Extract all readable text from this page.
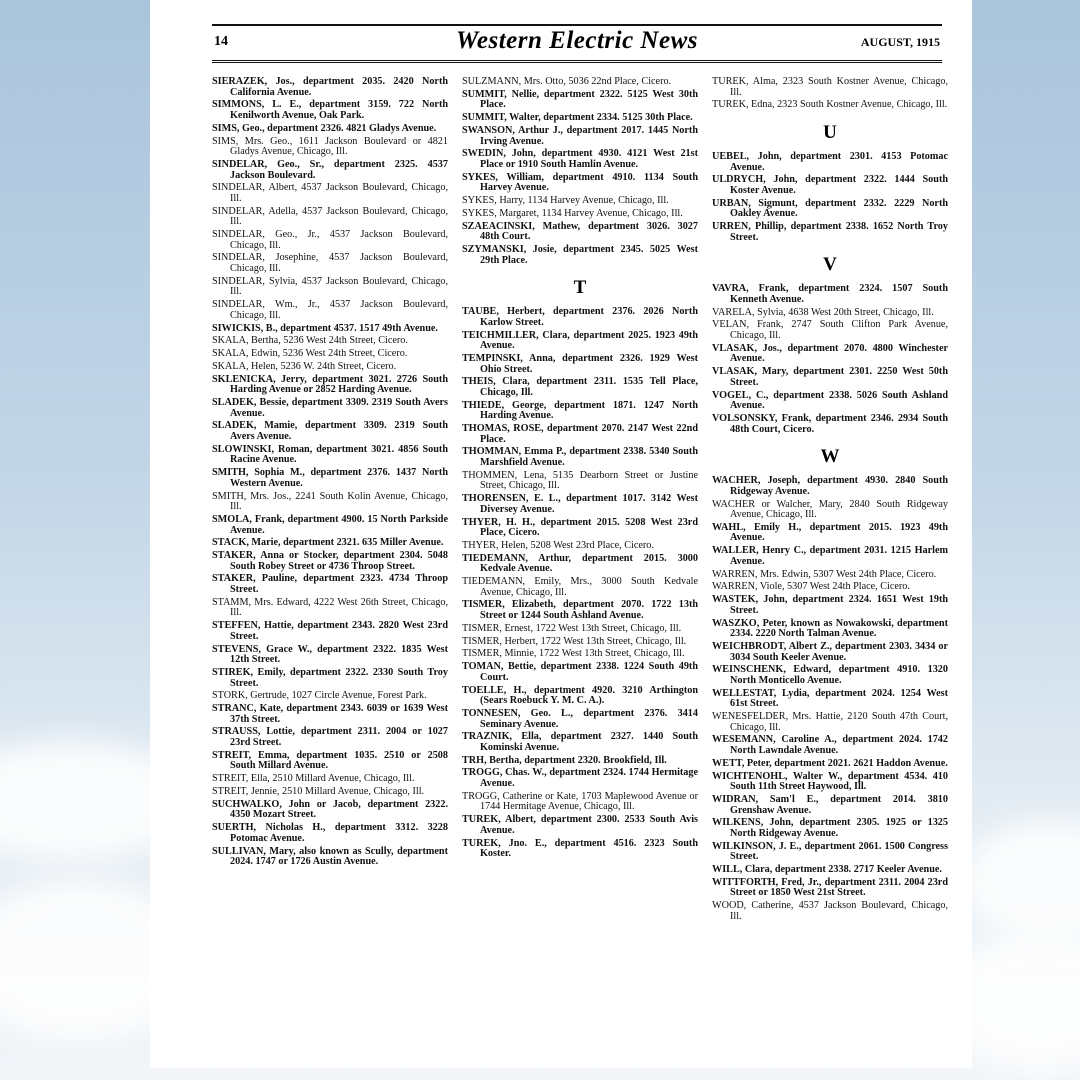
14	Western Electric News	AUGUST, 1915
SIERAZEK, Jos., department 2035. 2420 North California Avenue.
SIMMONS, L. E., department 3159. 722 North Kenilworth Avenue, Oak Park.
SIMS, Geo., department 2326. 4821 Gladys Avenue.
SIMS, Mrs. Geo., 1611 Jackson Boulevard or 4821 Gladys Avenue, Chicago, Ill.
SINDELAR, Geo., Sr., department 2325. 4537 Jackson Boulevard.
SINDELAR, Albert, 4537 Jackson Boulevard, Chicago, Ill.
SINDELAR, Adella, 4537 Jackson Boulevard, Chicago, Ill.
SINDELAR, Geo., Jr., 4537 Jackson Boulevard, Chicago, Ill.
SINDELAR, Josephine, 4537 Jackson Boulevard, Chicago, Ill.
SINDELAR, Sylvia, 4537 Jackson Boulevard, Chicago, Ill.
SINDELAR, Wm., Jr., 4537 Jackson Boulevard, Chicago, Ill.
SIWICKIS, B., department 4537. 1517 49th Avenue.
SKALA, Bertha, 5236 West 24th Street, Cicero.
SKALA, Edwin, 5236 West 24th Street, Cicero.
SKALA, Helen, 5236 W. 24th Street, Cicero.
SKLENICKA, Jerry, department 3021. 2726 South Harding Avenue or 2852 Harding Avenue.
SLADEK, Bessie, department 3309. 2319 South Avers Avenue.
SLADEK, Mamie, department 3309. 2319 South Avers Avenue.
SLOWINSKI, Roman, department 3021. 4856 South Racine Avenue.
SMITH, Sophia M., department 2376. 1437 North Western Avenue.
SMITH, Mrs. Jos., 2241 South Kolin Avenue, Chicago, Ill.
SMOLA, Frank, department 4900. 15 North Parkside Avenue.
STACK, Marie, department 2321. 635 Miller Avenue.
STAKER, Anna or Stocker, department 2304. 5048 South Robey Street or 4736 Throop Street.
STAKER, Pauline, department 2323. 4734 Throop Street.
STAMM, Mrs. Edward, 4222 West 26th Street, Chicago, Ill.
STEFFEN, Hattie, department 2343. 2820 West 23rd Street.
STEVENS, Grace W., department 2322. 1835 West 12th Street.
STIREK, Emily, department 2322. 2330 South Troy Street.
STORK, Gertrude, 1027 Circle Avenue, Forest Park.
STRANC, Kate, department 2343. 6039 or 1639 West 37th Street.
STRAUSS, Lottie, department 2311. 2004 or 1027 23rd Street.
STREIT, Emma, department 1035. 2510 or 2508 South Millard Avenue.
STREIT, Ella, 2510 Millard Avenue, Chicago, Ill.
STREIT, Jennie, 2510 Millard Avenue, Chicago, Ill.
SUCHWALKO, John or Jacob, department 2322. 4350 Mozart Street.
SUERTH, Nicholas H., department 3312. 3228 Potomac Avenue.
SULLIVAN, Mary, also known as Scully, department 2024. 1747 or 1726 Austin Avenue.
SULZMANN, Mrs. Otto, 5036 22nd Place, Cicero.
SUMMIT, Nellie, department 2322. 5125 West 30th Place.
SUMMIT, Walter, department 2334. 5125 30th Place.
SWANSON, Arthur J., department 2017. 1445 North Irving Avenue.
SWEDIN, John, department 4930. 4121 West 21st Place or 1910 South Hamlin Avenue.
SYKES, William, department 4910. 1134 South Harvey Avenue.
SYKES, Harry, 1134 Harvey Avenue, Chicago, Ill.
SYKES, Margaret, 1134 Harvey Avenue, Chicago, Ill.
SZAEACINSKI, Mathew, department 3026. 3027 48th Court.
SZYMANSKI, Josie, department 2345. 5025 West 29th Place.
T
TAUBE, Herbert, department 2376. 2026 North Karlow Street.
TEICHMILLER, Clara, department 2025. 1923 49th Avenue.
TEMPINSKI, Anna, department 2326. 1929 West Ohio Street.
THEIS, Clara, department 2311. 1535 Tell Place, Chicago, Ill.
THIEDE, George, department 1871. 1247 North Harding Avenue.
THOMAS, ROSE, department 2070. 2147 West 22nd Place.
THOMMAN, Emma P., department 2338. 5340 South Marshfield Avenue.
THOMMEN, Lena, 5135 Dearborn Street or Justine Street, Chicago, Ill.
THORENSEN, E. L., department 1017. 3142 West Diversey Avenue.
THYER, H. H., department 2015. 5208 West 23rd Place, Cicero.
THYER, Helen, 5208 West 23rd Place, Cicero.
TIEDEMANN, Arthur, department 2015. 3000 Kedvale Avenue.
TIEDEMANN, Emily, Mrs., 3000 South Kedvale Avenue, Chicago, Ill.
TISMER, Elizabeth, department 2070. 1722 13th Street or 1244 South Ashland Avenue.
TISMER, Ernest, 1722 West 13th Street, Chicago, Ill.
TISMER, Herbert, 1722 West 13th Street, Chicago, Ill.
TISMER, Minnie, 1722 West 13th Street, Chicago, Ill.
TOMAN, Bettie, department 2338. 1224 South 49th Court.
TOELLE, H., department 4920. 3210 Arthington (Sears Roebuck Y. M. C. A.).
TONNESEN, Geo. L., department 2376. 3414 Seminary Avenue.
TRAZNIK, Ella, department 2327. 1440 South Kominski Avenue.
TRH, Bertha, department 2320. Brookfield, Ill.
TROGG, Chas. W., department 2324. 1744 Hermitage Avenue.
TROGG, Catherine or Kate, 1703 Maplewood Avenue or 1744 Hermitage Avenue, Chicago, Ill.
TUREK, Albert, department 2300. 2533 South Avis Avenue.
TUREK, Jno. E., department 4516. 2323 South Koster.
TUREK, Alma, 2323 South Kostner Avenue, Chicago, Ill.
TUREK, Edna, 2323 South Kostner Avenue, Chicago, Ill.
U
UEBEL, John, department 2301. 4153 Potomac Avenue.
ULDRYCH, John, department 2322. 1444 South Koster Avenue.
URBAN, Sigmunt, department 2332. 2229 North Oakley Avenue.
URREN, Phillip, department 2338. 1652 North Troy Street.
V
VAVRA, Frank, department 2324. 1507 South Kenneth Avenue.
VARELA, Sylvia, 4638 West 20th Street, Chicago, Ill.
VELAN, Frank, 2747 South Clifton Park Avenue, Chicago, Ill.
VLASAK, Jos., department 2070. 4800 Winchester Avenue.
VLASAK, Mary, department 2301. 2250 West 50th Street.
VOGEL, C., department 2338. 5026 South Ashland Avenue.
VOLSONSKY, Frank, department 2346. 2934 South 48th Court, Cicero.
W
WACHER, Joseph, department 4930. 2840 South Ridgeway Avenue.
WACHER or Walcher, Mary, 2840 South Ridgeway Avenue, Chicago, Ill.
WAHL, Emily H., department 2015. 1923 49th Avenue.
WALLER, Henry C., department 2031. 1215 Harlem Avenue.
WARREN, Mrs. Edwin, 5307 West 24th Place, Cicero.
WARREN, Viole, 5307 West 24th Place, Cicero.
WASTEK, John, department 2324. 1651 West 19th Street.
WASZKO, Peter, known as Nowakowski, department 2334. 2220 North Talman Avenue.
WEICHBRODT, Albert Z., department 2303. 3434 or 3034 South Keeler Avenue.
WEINSCHENK, Edward, department 4910. 1320 North Monticello Avenue.
WELLESTAT, Lydia, department 2024. 1254 West 61st Street.
WENESFELDER, Mrs. Hattie, 2120 South 47th Court, Chicago, Ill.
WESEMANN, Caroline A., department 2024. 1742 North Lawndale Avenue.
WETT, Peter, department 2021. 2621 Haddon Avenue.
WICHTENOHL, Walter W., department 4534. 410 South 11th Street Haywood, Ill.
WIDRAN, Sam'l E., department 2014. 3810 Grenshaw Avenue.
WILKENS, John, department 2305. 1925 or 1325 North Ridgeway Avenue.
WILKINSON, J. E., department 2061. 1500 Congress Street.
WILL, Clara, department 2338. 2717 Keeler Avenue.
WITTFORTH, Fred, Jr., department 2311. 2004 23rd Street or 1850 West 21st Street.
WOOD, Catherine, 4537 Jackson Boulevard, Chicago, Ill.
